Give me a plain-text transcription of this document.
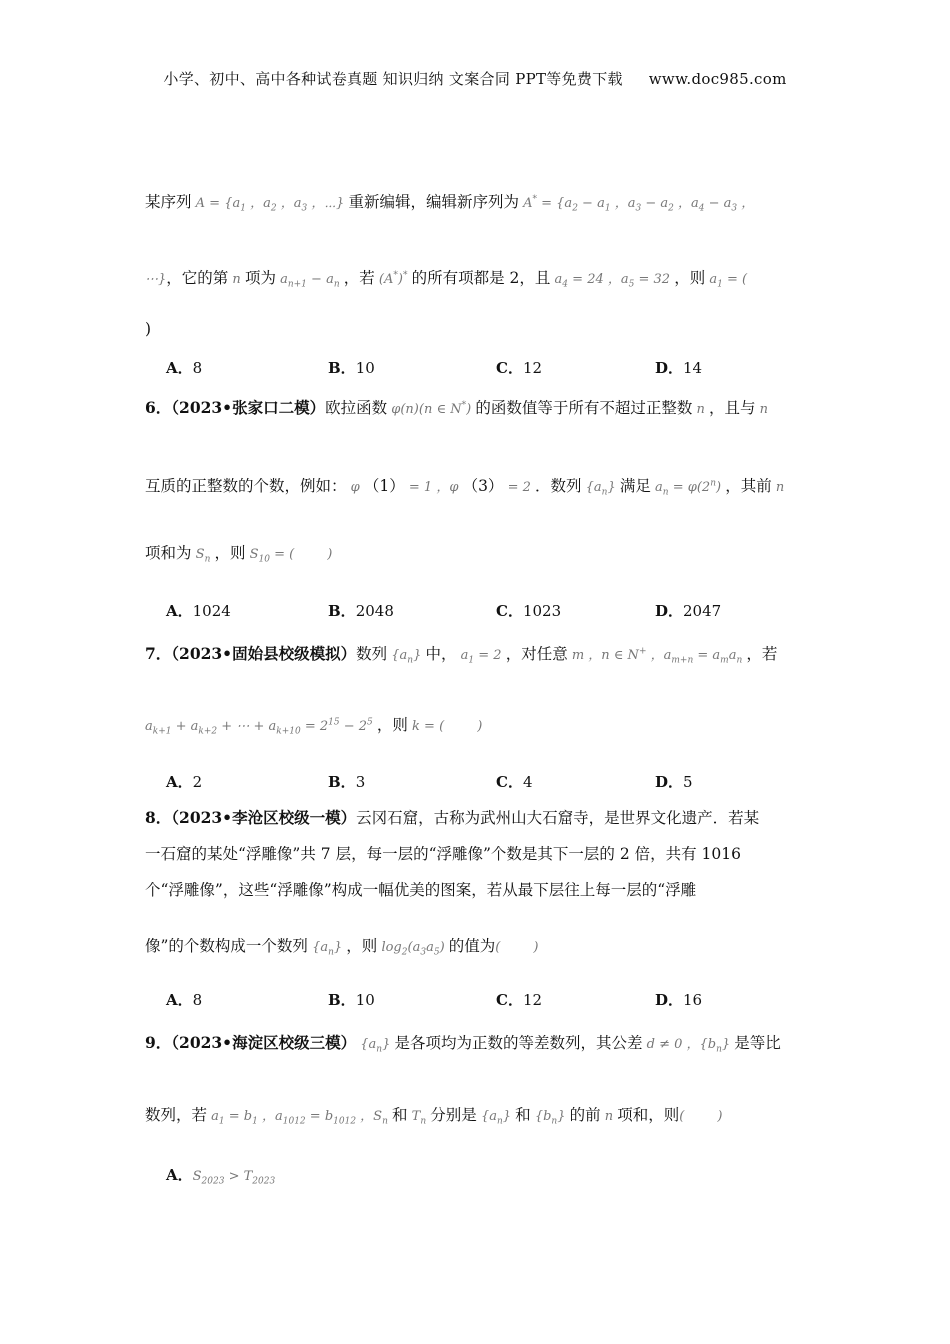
小学、初中、高中各种试卷真题 知识归纳 文案合同 PPT等免费下载 www.doc985.com
某序列 $A = \{a_1$ ，$a_2$ ，$a_3$ ，⋯} 重新编辑，编辑新序列为 $A^* = \{a_2 - a_1$ ，$a_3 - a_2$ ，$a_4 - a_3$ ，
⋯}，它的第 n 项为 $a_{n+1} - a_n$ ，若 (A*)* 的所有项都是 2，且 $a_4 = 24$ ，$a_5 = 32$ ，则 $a_1$ = (
)
A．8	B．10	C．12	D．14
6．（2023•张家口二模）欧拉函数 φ(n)(n ∈ N*) 的函数值等于所有不超过正整数 n ，且与 n
互质的正整数的个数，例如： φ （1） = 1 ，φ （3） = 2 ．数列 $\{a_n\}$ 满足 $a_n = \varphi(2^n)$ ，其前 n
项和为 $S_n$ ，则 $S_{10}$ = (        )
A．1024	B．2048	C．1023	D．2047
7．（2023•固始县校级模拟）数列 $\{a_n\}$ 中， $a_1 = 2$ ，对任意 m ，n ∈ N+ ，$a_{m+n} = a_ma_n$ ，若
$a_{k+1} + a_{k+2}$ + ⋯ + $a_{k+10} = 2^{15} - 2^5$ ，则 k = (        )
A．2	B．3	C．4	D．5
8．（2023•李沧区校级一模）云冈石窟，古称为武州山大石窟寺，是世界文化遗产．若某
一石窟的某处“浮雕像”共 7 层，每一层的“浮雕像”个数是其下一层的 2 倍，共有 1016
个“浮雕像”，这些“浮雕像”构成一幅优美的图案，若从最下层往上每一层的“浮雕
像”的个数构成一个数列 $\{a_n\}$ ，则 $\log_2(a_3a_5)$ 的值为(        )
A．8	B．10	C．12	D．16
9．（2023•海淀区校级三模） $\{a_n\}$ 是各项均为正数的等差数列，其公差 d ≠ 0 ，$\{b_n\}$ 是等比
数列，若 $a_1 = b_1$ ，$a_{1012} = b_{1012}$ ，$S_n$ 和 $T_n$ 分别是 $\{a_n\}$ 和 $\{b_n\}$ 的前 n 项和，则(        )
A．$S_{2023} > T_{2023}$
